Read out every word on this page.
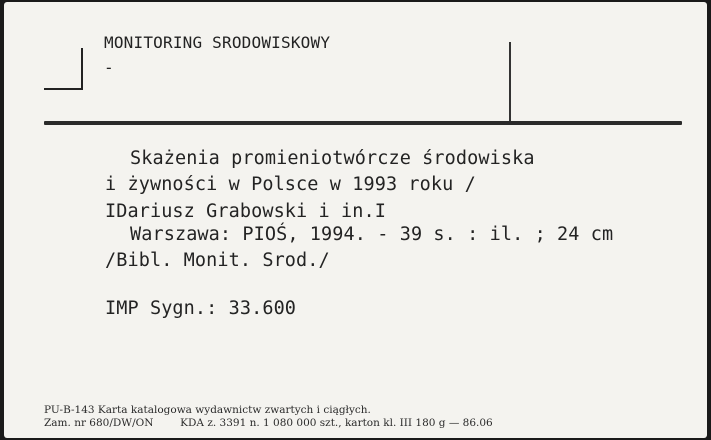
MONITORING SRODOWISKOWY
-
Skażenia promieniotwórcze środowiska
i żywności w Polsce w 1993 roku /
IDariusz Grabowski i in.I
Warszawa: PIOŚ, 1994. - 39 s. : il. ; 24 cm
/Bibl. Monit. Srod./
IMP Sygn.: 33.600
PU-B-143 Karta katalogowa wydawnictw zwartych i ciągłych.
Zam. nr 680/DW/ON        KDA z. 3391 n. 1 080 000 szt., karton kl. III 180 g — 86.06
